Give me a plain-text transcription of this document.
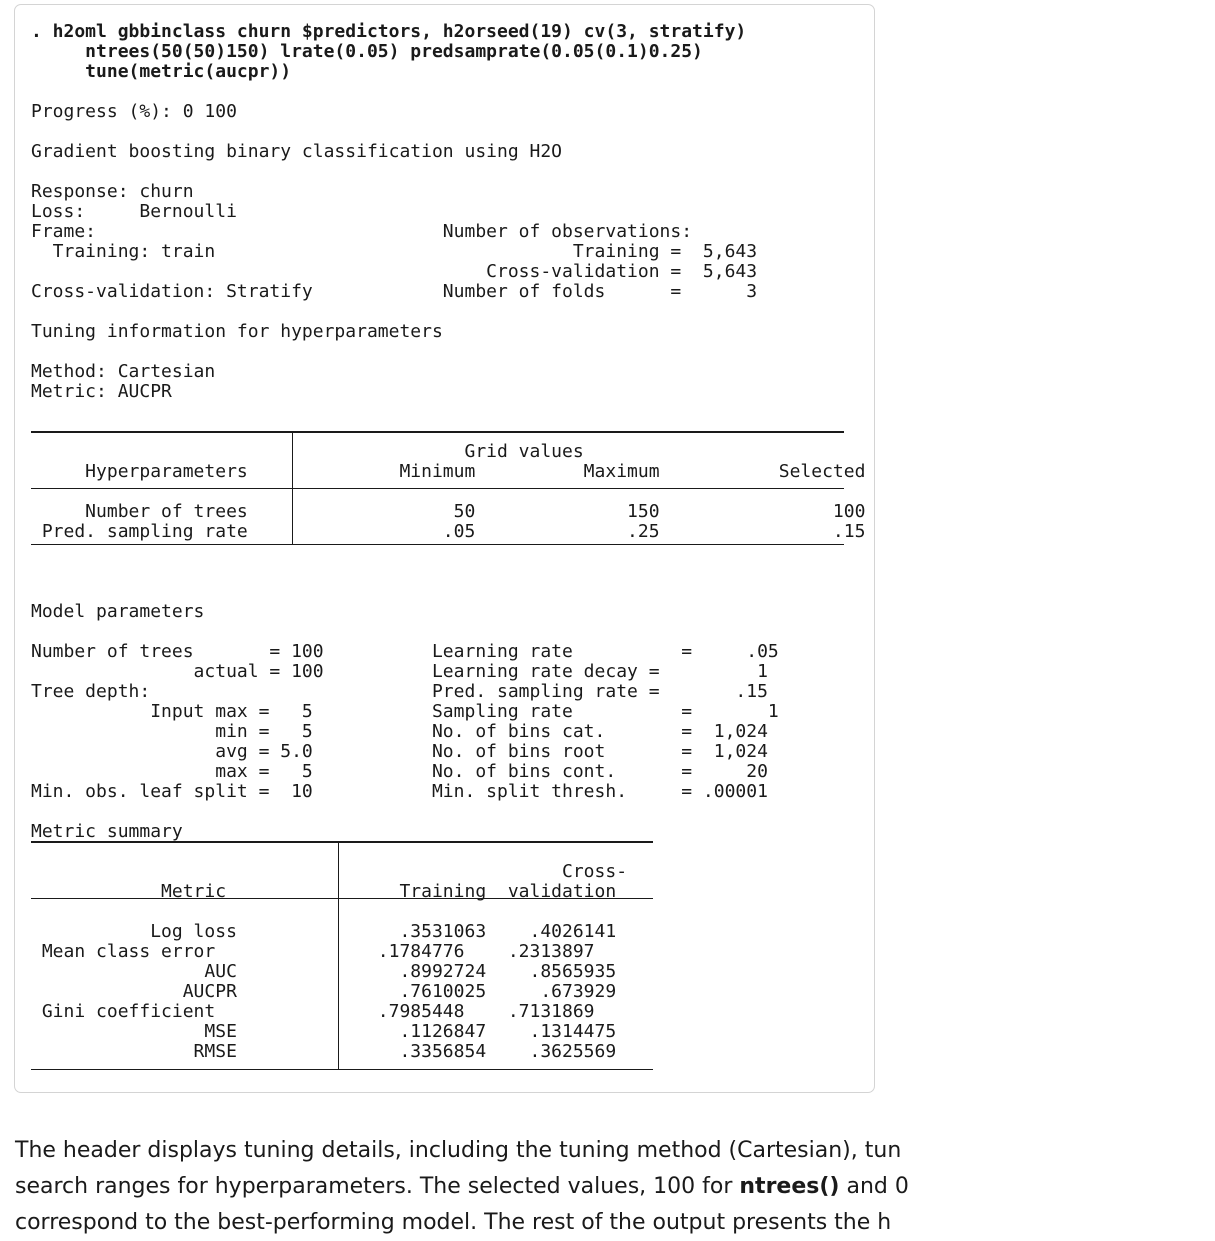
. h2oml gbbinclass churn $predictors, h2orseed(19) cv(3, stratify)
ntrees(50(50)150) lrate(0.05) predsamprate(0.05(0.1)0.25)
tune(metric(aucpr))

Progress (%): 0 100

Gradient boosting binary classification using H2O

Response: churn
Loss:     Bernoulli
Frame:                                Number of observations:
Training: train                                 Training =  5,643
Cross-validation =  5,643
Cross-validation: Stratify            Number of folds      =      3

Tuning information for hyperparameters

Method: Cartesian
Metric: AUCPR

Grid values
Hyperparameters              Minimum          Maximum           Selected

Number of trees                   50              150                100
Pred. sampling rate                  .05              .25                .15

Model parameters

Number of trees       = 100          Learning rate          =     .05
actual = 100          Learning rate decay =         1
Tree depth:                          Pred. sampling rate =       .15
Input max =   5           Sampling rate          =       1
min =   5           No. of bins cat.       =  1,024
avg = 5.0           No. of bins root       =  1,024
max =   5           No. of bins cont.      =     20
Min. obs. leaf split =  10           Min. split thresh.     = .00001

Metric summary

Cross-
Metric                Training  validation

Log loss               .3531063    .4026141
Mean class error               .1784776    .2313897
AUC               .8992724    .8565935
AUCPR               .7610025     .673929
Gini coefficient               .7985448    .7131869
MSE               .1126847    .1314475
RMSE               .3356854    .3625569

The header displays tuning details, including the tuning method (Cartesian), tun

search ranges for hyperparameters. The selected values, 100 for ntrees() and 0

correspond to the best-performing model. The rest of the output presents the h
